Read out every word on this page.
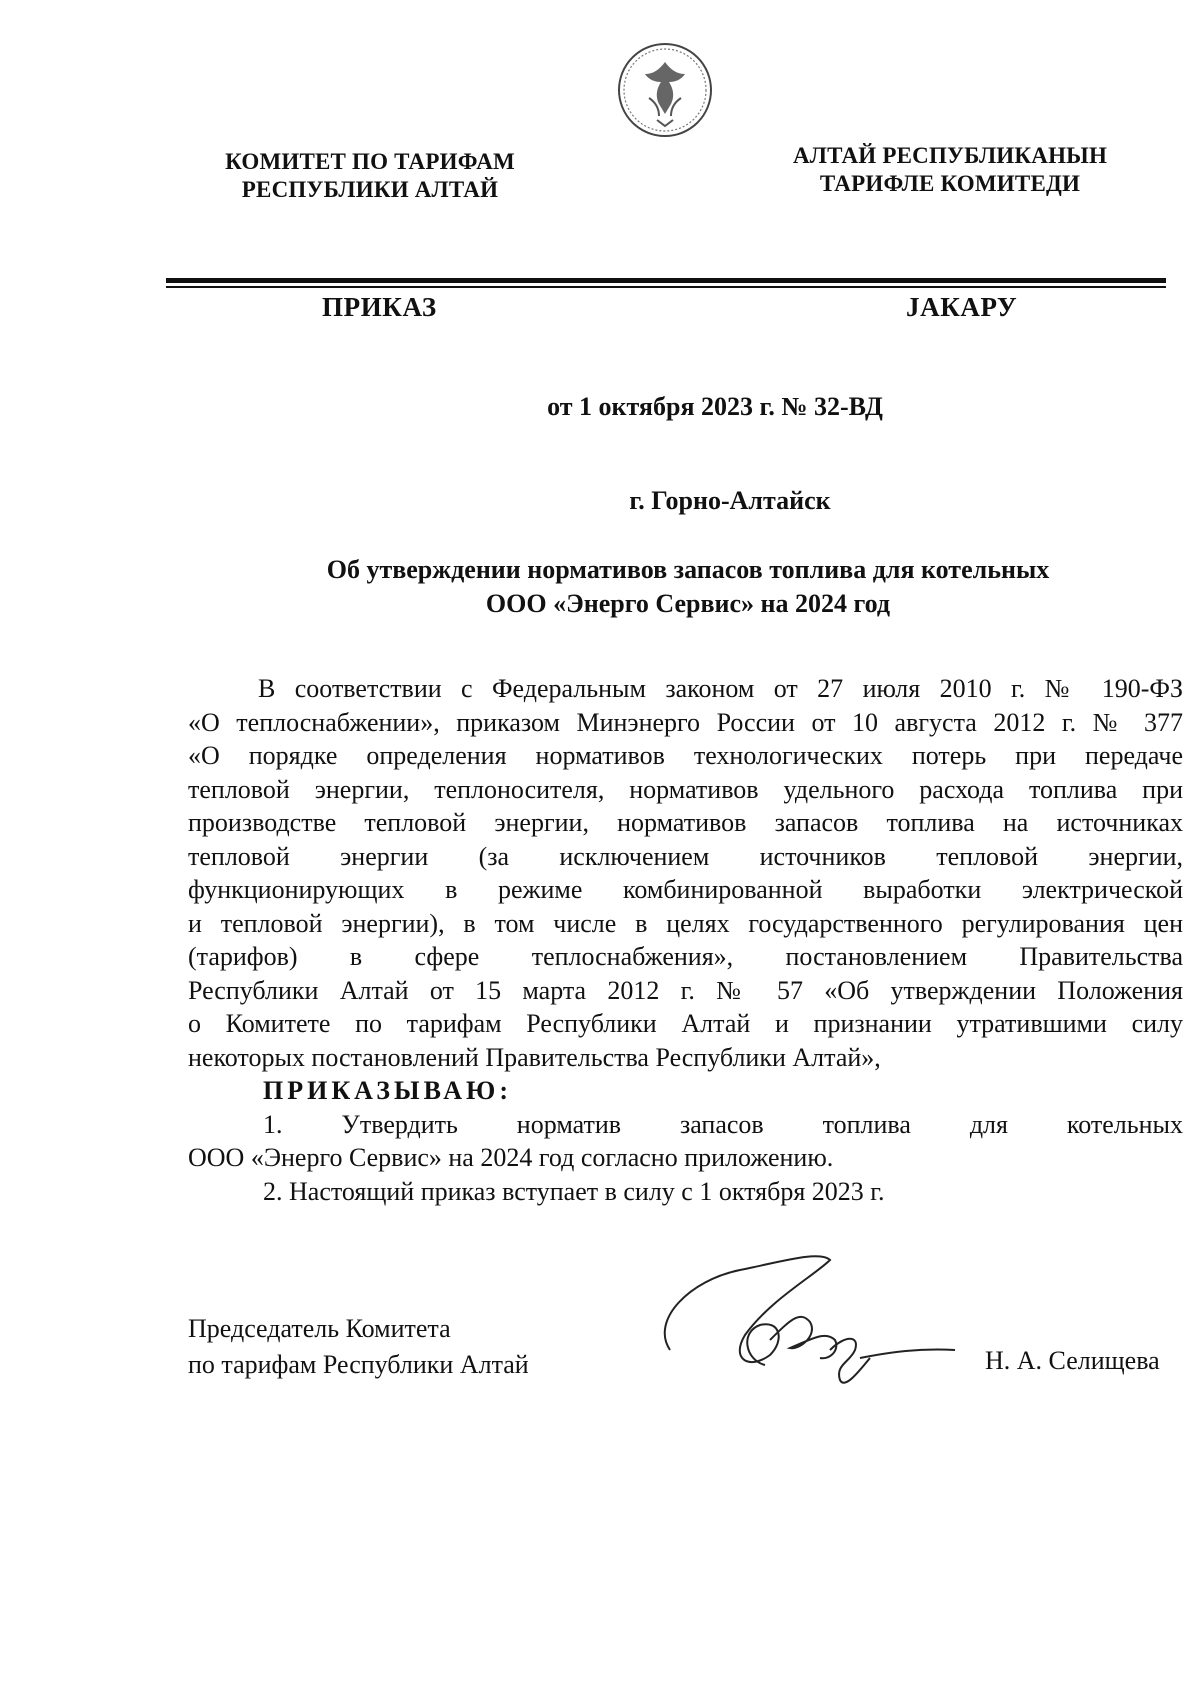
КОМИТЕТ ПО ТАРИФАМ
РЕСПУБЛИКИ АЛТАЙ
АЛТАЙ РЕСПУБЛИКАНЫН
ТАРИФЛЕ КОМИТЕДИ
ПРИКАЗ	JАКАРУ
от 1 октября 2023 г. № 32-ВД
г. Горно-Алтайск
Об утверждении нормативов запасов топлива для котельных
ООО «Энерго Сервис» на 2024 год
В соответствии с Федеральным законом от 27 июля 2010 г. № 190-ФЗ
«О теплоснабжении», приказом Минэнерго России от 10 августа 2012 г. № 377
«О порядке определения нормативов технологических потерь при передаче
тепловой энергии, теплоносителя, нормативов удельного расхода топлива при
производстве тепловой энергии, нормативов запасов топлива на источниках
тепловой энергии (за исключением источников тепловой энергии,
функционирующих в режиме комбинированной выработки электрической
и тепловой энергии), в том числе в целях государственного регулирования цен
(тарифов) в сфере теплоснабжения», постановлением Правительства
Республики Алтай от 15 марта 2012 г. № 57 «Об утверждении Положения
о Комитете по тарифам Республики Алтай и признании утратившими силу
некоторых постановлений Правительства Республики Алтай»,
ПРИКАЗЫВАЮ:
1. Утвердить норматив запасов топлива для котельных
ООО «Энерго Сервис» на 2024 год согласно приложению.
2. Настоящий приказ вступает в силу с 1 октября 2023 г.
Председатель Комитета
по тарифам Республики Алтай	Н. А. Селищева
